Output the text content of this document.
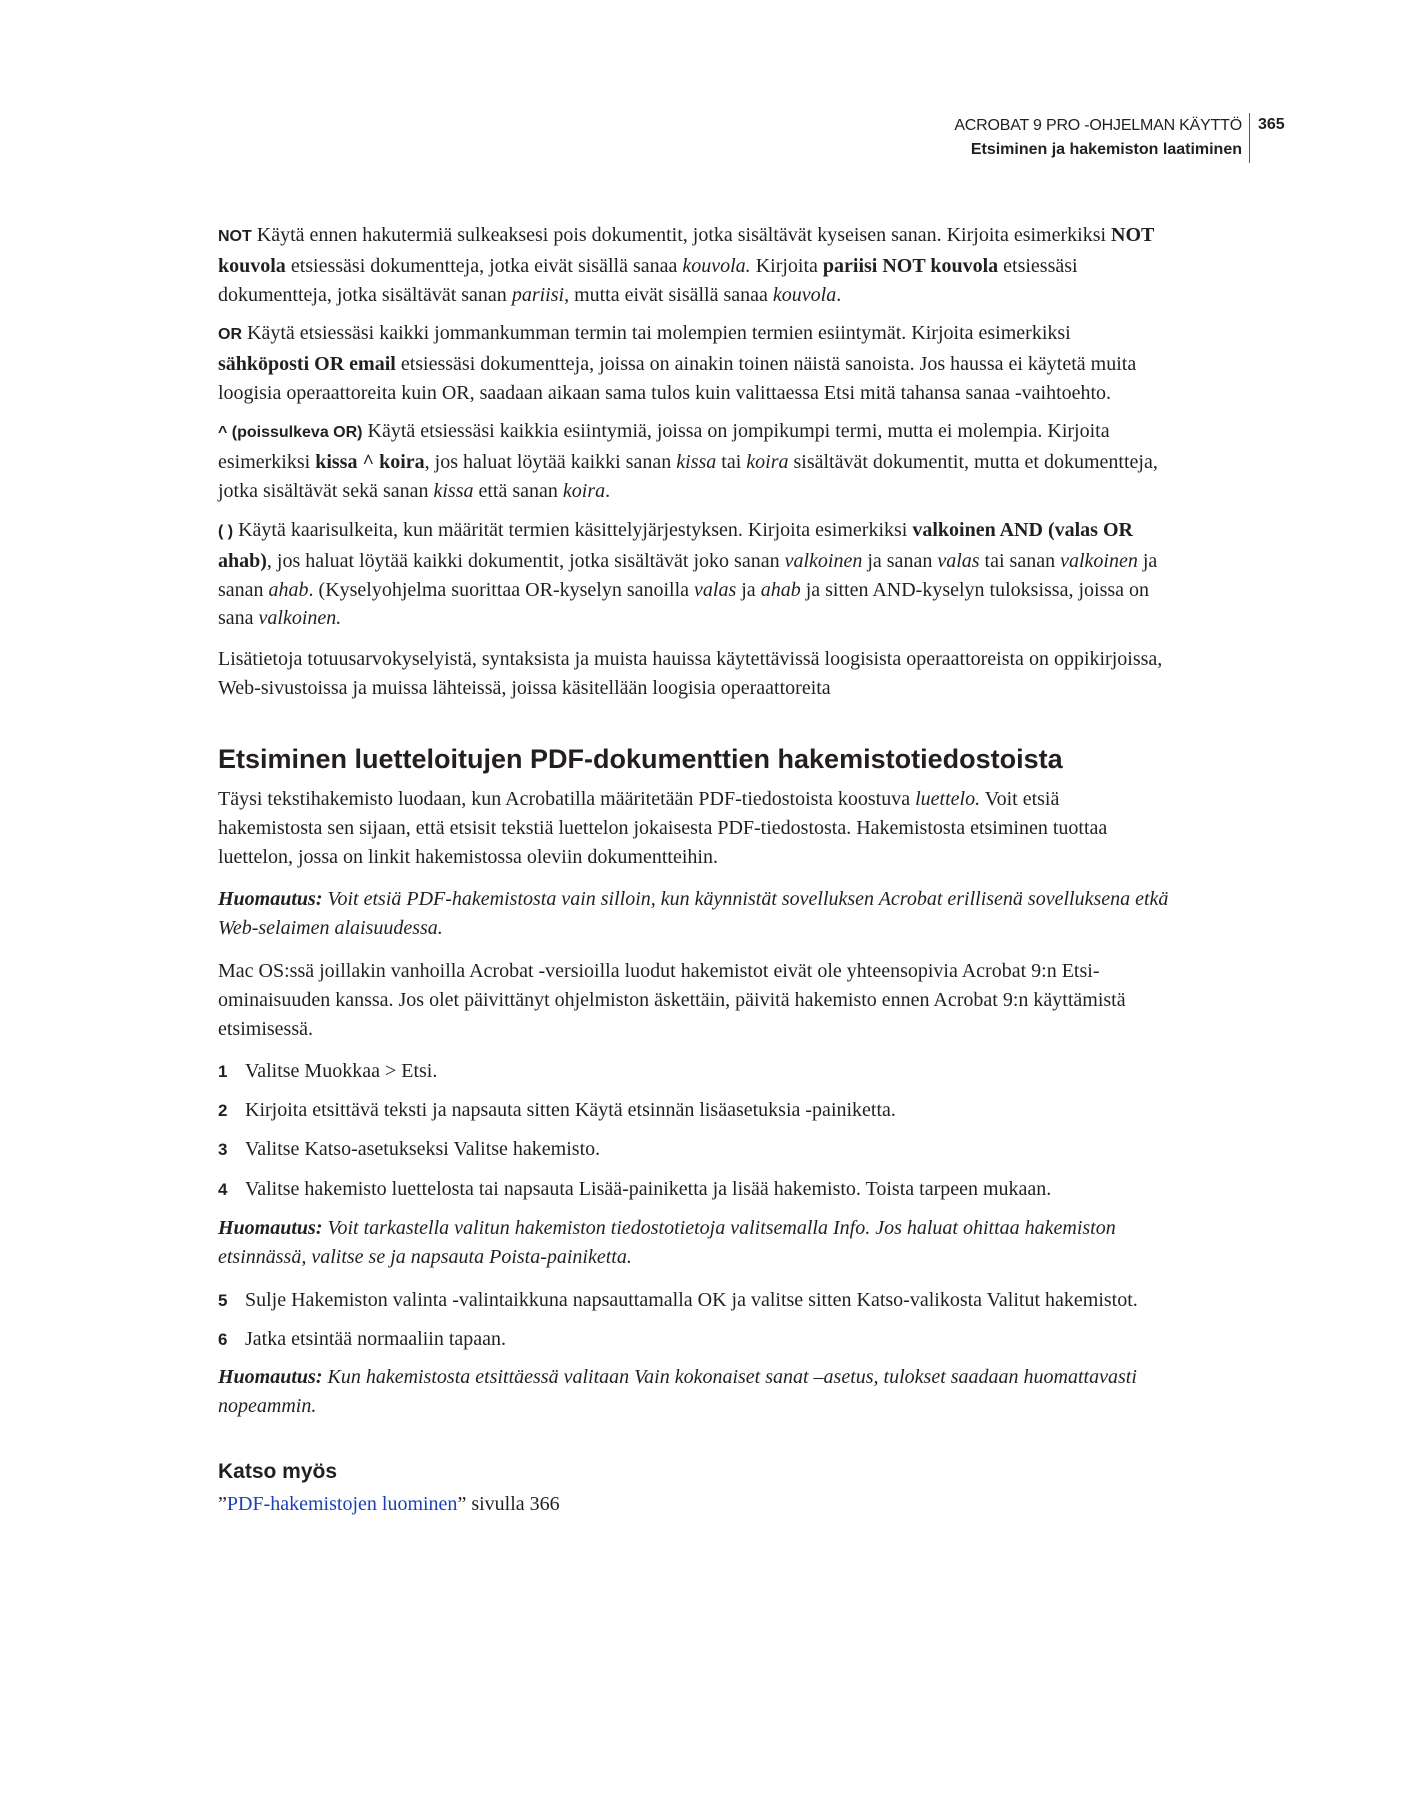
ACROBAT 9 PRO -OHJELMAN KÄYTTÖ
Etsiminen ja hakemiston laatiminen
365
NOT Käytä ennen hakutermiä sulkeaksesi pois dokumentit, jotka sisältävät kyseisen sanan. Kirjoita esimerkiksi NOT
kouvola etsiessäsi dokumentteja, jotka eivät sisällä sanaa kouvola. Kirjoita pariisi NOT kouvola etsiessäsi
dokumentteja, jotka sisältävät sanan pariisi, mutta eivät sisällä sanaa kouvola.
OR Käytä etsiessäsi kaikki jommankumman termin tai molempien termien esiintymät. Kirjoita esimerkiksi
sähköposti OR email etsiessäsi dokumentteja, joissa on ainakin toinen näistä sanoista. Jos haussa ei käytetä muita
loogisia operaattoreita kuin OR, saadaan aikaan sama tulos kuin valittaessa Etsi mitä tahansa sanaa -vaihtoehto.
^ (poissulkeva OR) Käytä etsiessäsi kaikkia esiintymiä, joissa on jompikumpi termi, mutta ei molempia. Kirjoita
esimerkiksi kissa ^ koira, jos haluat löytää kaikki sanan kissa tai koira sisältävät dokumentit, mutta et dokumentteja,
jotka sisältävät sekä sanan kissa että sanan koira.
( ) Käytä kaarisulkeita, kun määrität termien käsittelyjärjestyksen. Kirjoita esimerkiksi valkoinen AND (valas OR
ahab), jos haluat löytää kaikki dokumentit, jotka sisältävät joko sanan valkoinen ja sanan valas tai sanan valkoinen ja
sanan ahab. (Kyselyohjelma suorittaa OR-kyselyn sanoilla valas ja ahab ja sitten AND-kyselyn tuloksissa, joissa on
sana valkoinen.
Lisätietoja totuusarvokyselyistä, syntaksista ja muista hauissa käytettävissä loogisista operaattoreista on oppikirjoissa,
Web-sivustoissa ja muissa lähteissä, joissa käsitellään loogisia operaattoreita
Etsiminen luetteloitujen PDF-dokumenttien hakemistotiedostoista
Täysi tekstihakemisto luodaan, kun Acrobatilla määritetään PDF-tiedostoista koostuva luettelo. Voit etsiä
hakemistosta sen sijaan, että etsisit tekstiä luettelon jokaisesta PDF-tiedostosta. Hakemistosta etsiminen tuottaa
luettelon, jossa on linkit hakemistossa oleviin dokumentteihin.
Huomautus: Voit etsiä PDF-hakemistosta vain silloin, kun käynnistät sovelluksen Acrobat erillisenä sovelluksena etkä
Web-selaimen alaisuudessa.
Mac OS:ssä joillakin vanhoilla Acrobat -versioilla luodut hakemistot eivät ole yhteensopivia Acrobat 9:n Etsi-
ominaisuuden kanssa. Jos olet päivittänyt ohjelmiston äskettäin, päivitä hakemisto ennen Acrobat 9:n käyttämistä
etsimisessä.
1 Valitse Muokkaa > Etsi.
2 Kirjoita etsittävä teksti ja napsauta sitten Käytä etsinnän lisäasetuksia -painiketta.
3 Valitse Katso-asetukseksi Valitse hakemisto.
4 Valitse hakemisto luettelosta tai napsauta Lisää-painiketta ja lisää hakemisto. Toista tarpeen mukaan.
Huomautus: Voit tarkastella valitun hakemiston tiedostotietoja valitsemalla Info. Jos haluat ohittaa hakemiston
etsinnässä, valitse se ja napsauta Poista-painiketta.
5 Sulje Hakemiston valinta -valintaikkuna napsauttamalla OK ja valitse sitten Katso-valikosta Valitut hakemistot.
6 Jatka etsintää normaaliin tapaan.
Huomautus: Kun hakemistosta etsittäessä valitaan Vain kokonaiset sanat –asetus, tulokset saadaan huomattavasti
nopeammin.
Katso myös
”PDF-hakemistojen luominen” sivulla 366
